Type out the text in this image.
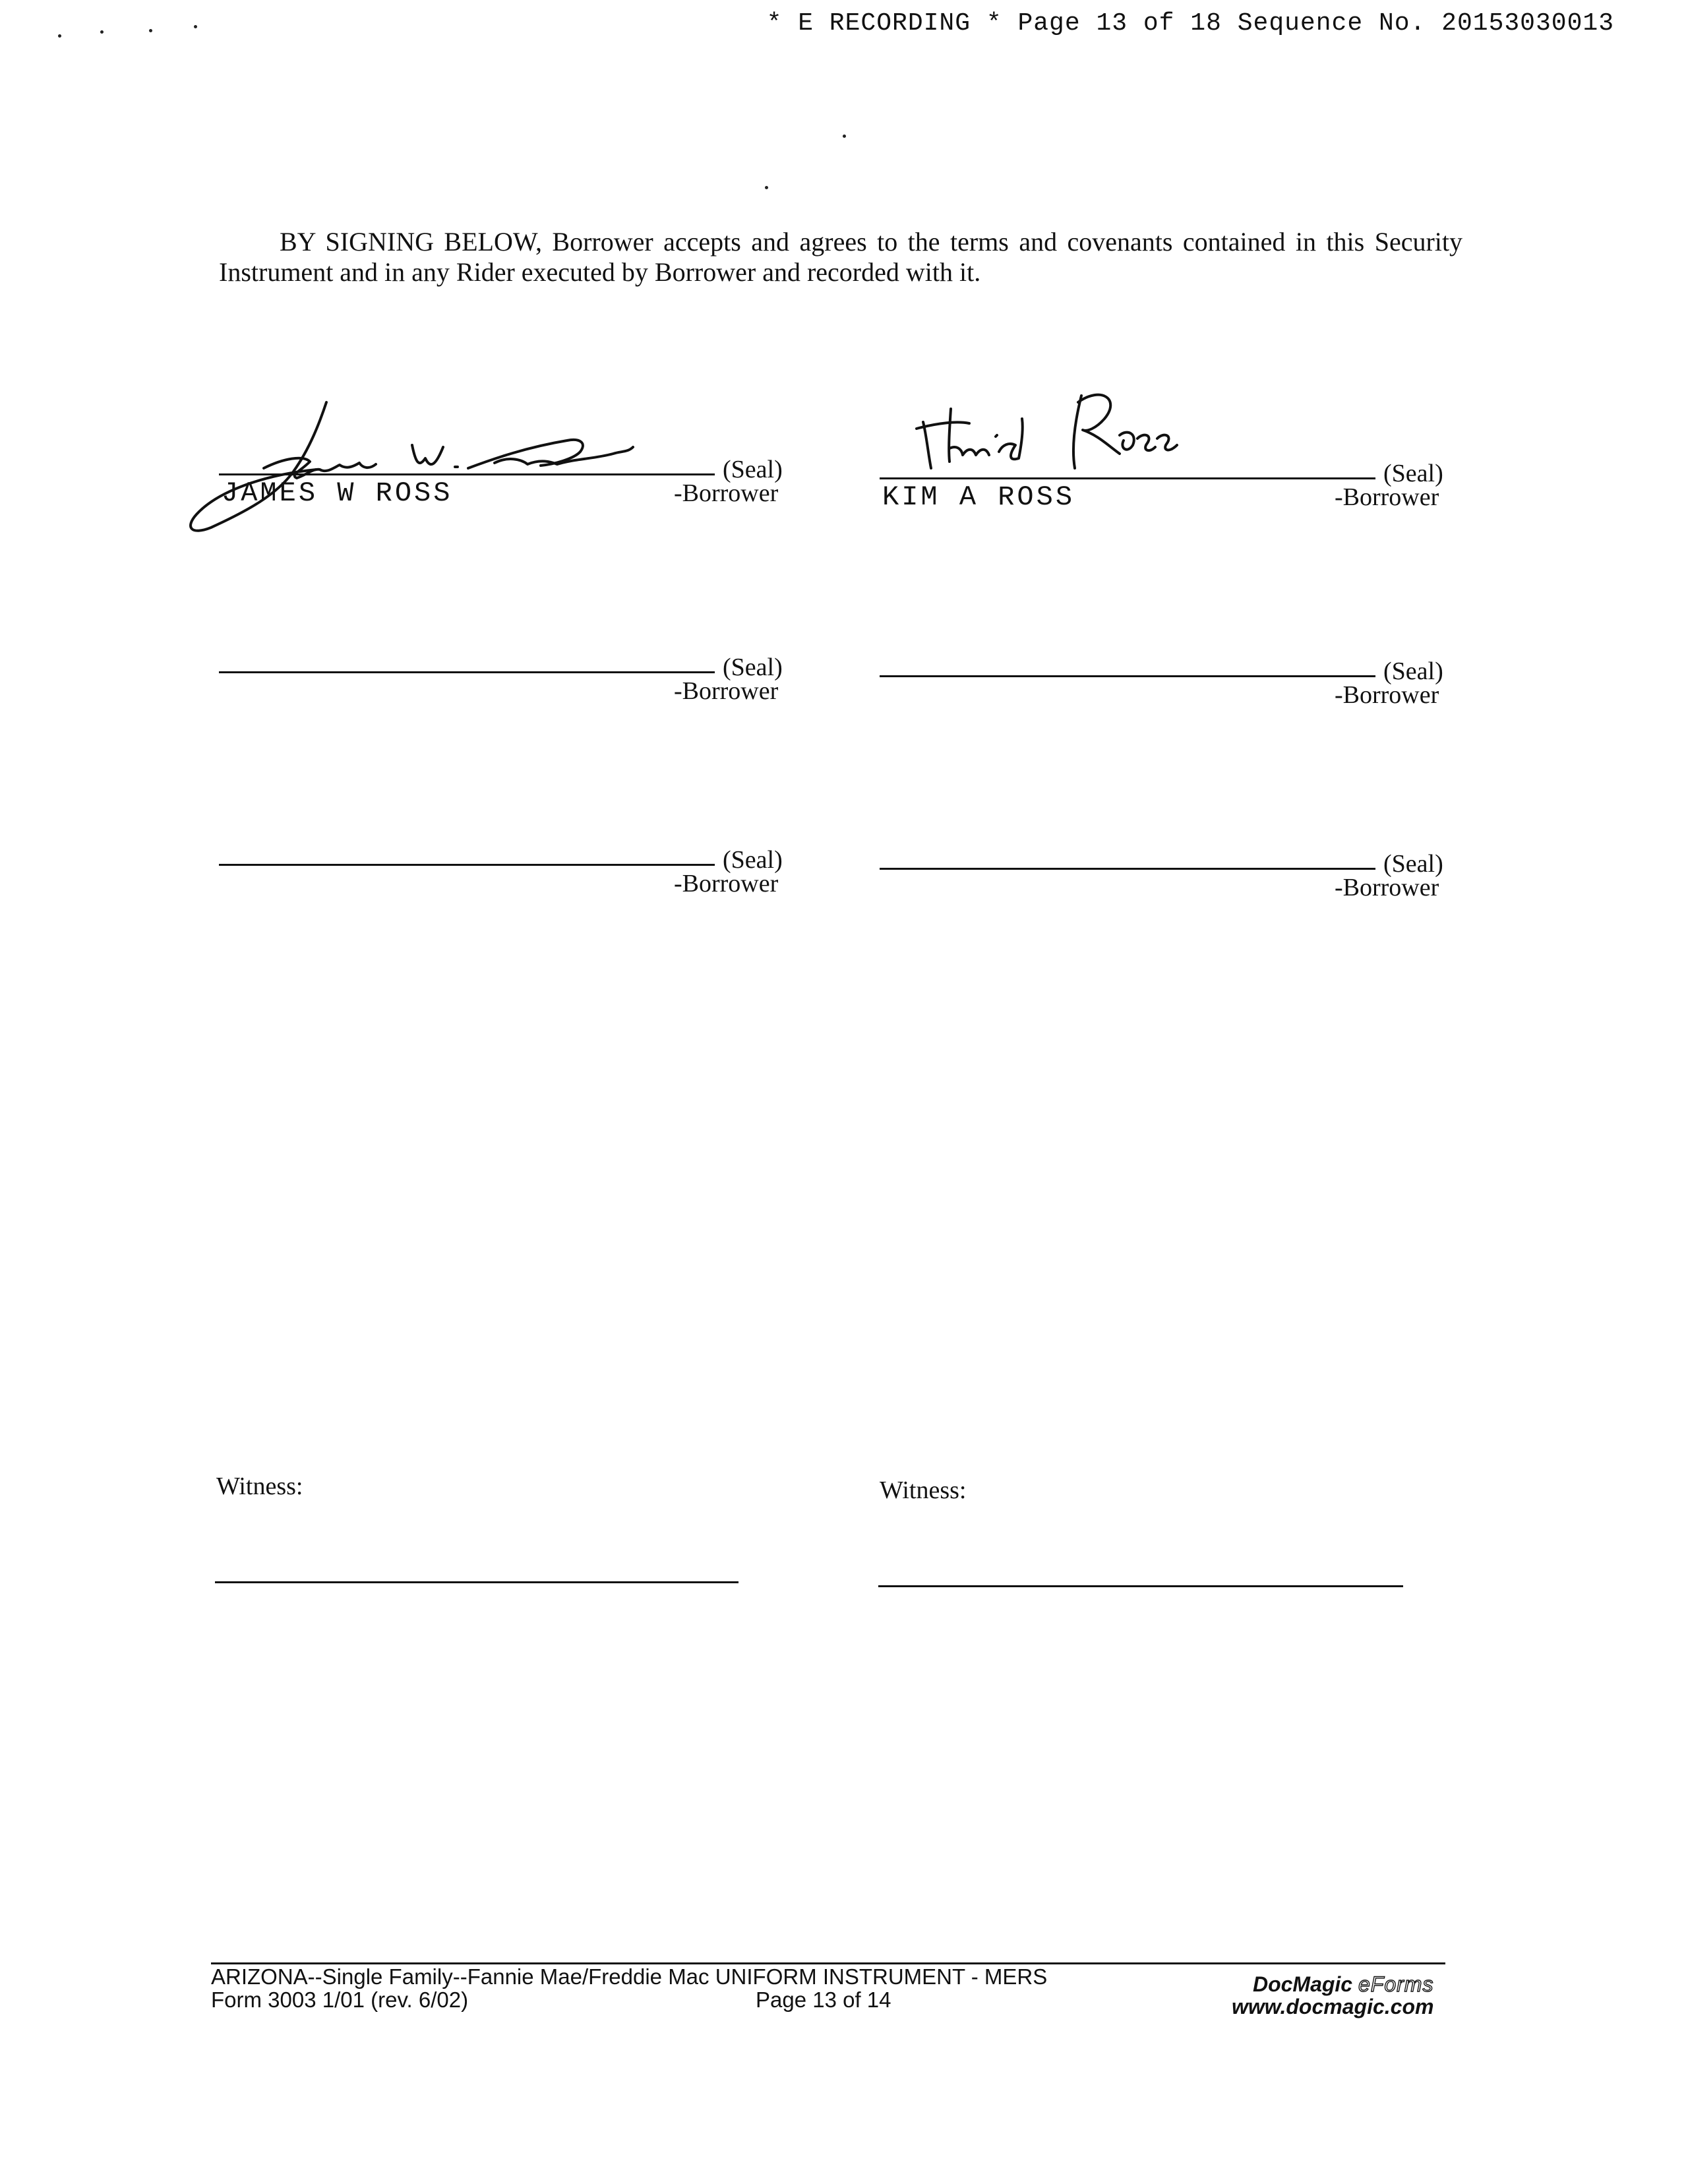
* E RECORDING * Page 13 of 18 Sequence No. 20153030013
BY SIGNING BELOW, Borrower accepts and agrees to the terms and covenants contained in this Security Instrument and in any Rider executed by Borrower and recorded with it.
(Seal)
-Borrower
JAMES W ROSS
(Seal)
-Borrower
KIM A ROSS
(Seal)
-Borrower
(Seal)
-Borrower
(Seal)
-Borrower
(Seal)
-Borrower
Witness:	Witness:
ARIZONA--Single Family--Fannie Mae/Freddie Mac UNIFORM INSTRUMENT - MERS
Form 3003 1/01 (rev. 6/02)	Page 13 of 14
DocMagic eForms
www.docmagic.com
